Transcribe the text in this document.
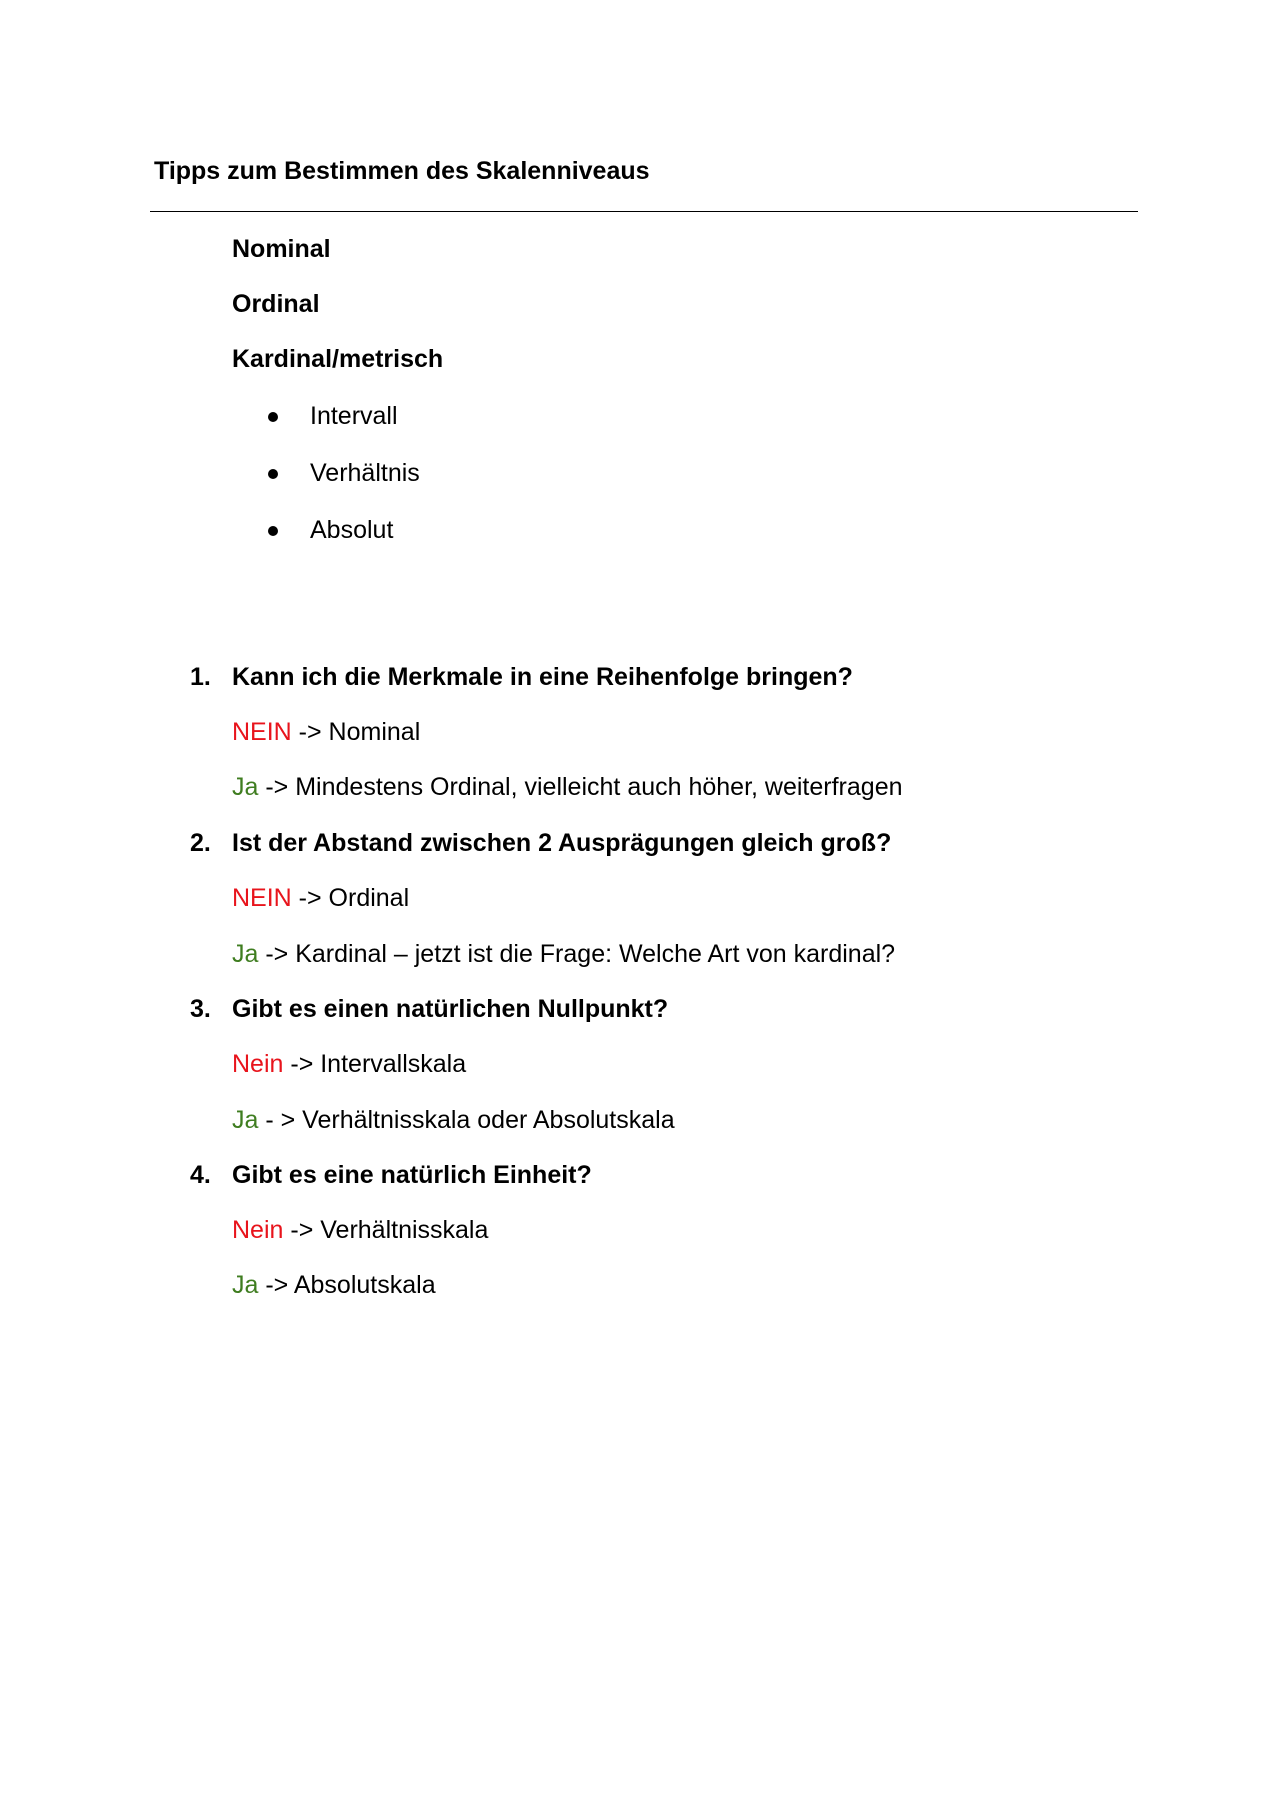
Tipps zum Bestimmen des Skalenniveaus
Nominal
Ordinal
Kardinal/metrisch
Intervall
Verhältnis
Absolut
1. Kann ich die Merkmale in eine Reihenfolge bringen?
NEIN -> Nominal
Ja -> Mindestens Ordinal, vielleicht auch höher, weiterfragen
2. Ist der Abstand zwischen 2 Ausprägungen gleich groß?
NEIN -> Ordinal
Ja -> Kardinal – jetzt ist die Frage: Welche Art von kardinal?
3. Gibt es einen natürlichen Nullpunkt?
Nein -> Intervallskala
Ja - > Verhältnisskala oder Absolutskala
4. Gibt es eine natürlich Einheit?
Nein -> Verhältnisskala
Ja -> Absolutskala
